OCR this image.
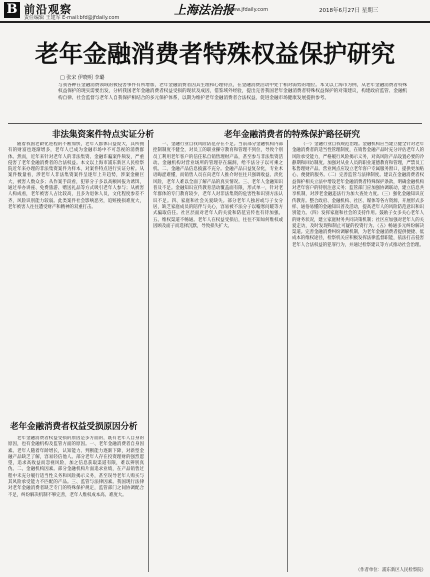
B 前沿观察
责任编辑 王建军 E-mail:bfd@jfdaily.com
上海法治报
www.jfdaily.com	2018年6月27日 星期三
老年金融消费者特殊权益保护研究
□ 张宋 伊晓明 李璐
与我各种在金融消费领域的被侵害事件有所增加，老年金融消费者因其生理和心理特点，在金融消费活动中处于相对弱势的地位。本文以上海市为例，从老年金融消费者特殊权益保护的现实需要出发，分析我国老年金融消费者权益受损的现状及成因，借鉴域外经验，提出完善我国老年金融消费者特殊权益保护的对策建议，构建政府监管、金融机构自律、社会监督与老年人自我保护相结合的多元保护体系，以期为维护老年金融消费者合法权益、促进金融市场健康发展提供参考。
非法集资案件特点实证分析	老年金融消费者的特殊保护路径研究

随着我国老龄化进程的不断加快，老年人群体日益庞大，其所拥有的财富也逐渐增多，老年人已成为金融市场中不可忽视的消费群体。然而，近年来针对老年人的非法集资、金融诈骗案件频发，严重侵害了老年金融消费者的合法权益。本文以上海市浦东新区人民检察院近年来办理的非法集资案件为样本，对案件特点进行实证分析。从案件数量看，涉老年人非法集资案件呈逐年上升趋势，涉案金额巨大，被害人数众多；从作案手段看，犯罪分子多以高额回报为诱饵，通过举办讲座、免费旅游、赠送礼品等方式吸引老年人参与；从被害人构成看，老年被害人占比较高，且多为退休人员，文化程度参差不齐，风险识别能力较弱。此类案件社会影响恶劣，追赃挽损难度大，老年被害人往往遭受财产和精神的双重打击。

老年金融消费者权益受损原因分析

老年金融消费者权益受损的原因是多方面的，既有老年人自身的原因，也有金融机构及监管方面的原因。一、老年金融消费者自身因素。老年人随着年龄增长，认知能力、判断能力逐渐下降，对新型金融产品缺乏了解，容易轻信他人。部分老年人存在投资理财的强烈愿望，追求高收益而忽视风险，加之信息获取渠道有限，难以辨别真伪。二、金融机构因素。部分金融机构片面追求业绩，在产品销售过程中未充分履行适当性义务和风险揭示义务，甚至误导老年人购买与其风险承受能力不匹配的产品。三、监管与法律因素。我国现行法律对老年金融消费者缺乏专门的特殊保护规定，监管部门之间协调配合不足，纠纷解决机制不够完善，老年人维权成本高、难度大。

一、金融行业自我风险防范存在不足。当前部分金融机构内部控制制度不健全，对员工的职业操守教育和管理不到位，导致个别员工利用老年客户的信任私自销售理财产品，甚至参与非法集资活动。金融机构对营业场所的管理存在漏洞，给不法分子以可乘之机。二、金融产品信息披露不充分。金融产品日益复杂化，专业术语晦涩难懂，而销售人员在向老年人推介时往往只强调收益、淡化风险，老年人难以全面了解产品的真实情况。三、老年人金融知识普及不足。金融知识宣传教育活动覆盖面有限，形式单一，针对老年群体的专门教育较少，老年人对非法集资的危害性和识别方法认识不足。四、家庭和社会关爱缺失。部分老年人独居或与子女分居，缺乏家庭成员的陪伴与关心，容易被不法分子以嘘寒问暖等方式骗取信任。社区层面对老年人的关爱和防范宣传也有待加强。五、维权渠道不畅通。老年人在权益受损后，往往不知如何维权或因顾及面子而选择沉默，导致损失扩大。

（一）金融行业自我规范治理。金融机构应当建立健全针对老年金融消费者的适当性管理制度，在销售金融产品时充分评估老年人的风险承受能力，严格履行风险揭示义务，对高风险产品设置必要的冷静期和回访制度。加强对从业人员的职业道德教育和管理，严禁员工私售理财产品。营业网点应设立老年客户专属服务窗口，提供更加贴心、便捷的服务。（二）完善监管与法律制度。建议在金融消费者权益保护相关立法中增设老年金融消费者特殊保护条款，明确金融机构对老年客户的特别注意义务；监管部门应加强协调联动，建立信息共享机制，对涉老金融违法行为加大查处力度。（三）强化金融知识宣传教育。整合政府、金融机构、社区、媒体等各方资源，开展形式多样、通俗易懂的金融知识普及活动，提高老年人的风险防范意识和识别能力。（四）发挥家庭和社会的支持作用。鼓励子女多关心老年人的财务状况，建立家庭财务共同决策机制；社区应加强对老年人的关爱走访，及时发现和制止可疑的投资行为。（五）畅通多元纠纷解决渠道。完善金融消费纠纷调解机制，为老年金融消费者提供便捷、低成本的维权途径，检察机关应积极发挥法律监督职能，依法打击侵害老年人合法权益的犯罪行为，并通过检察建议等方式推动社会治理。

（作者单位：浦东新区人民检察院）
